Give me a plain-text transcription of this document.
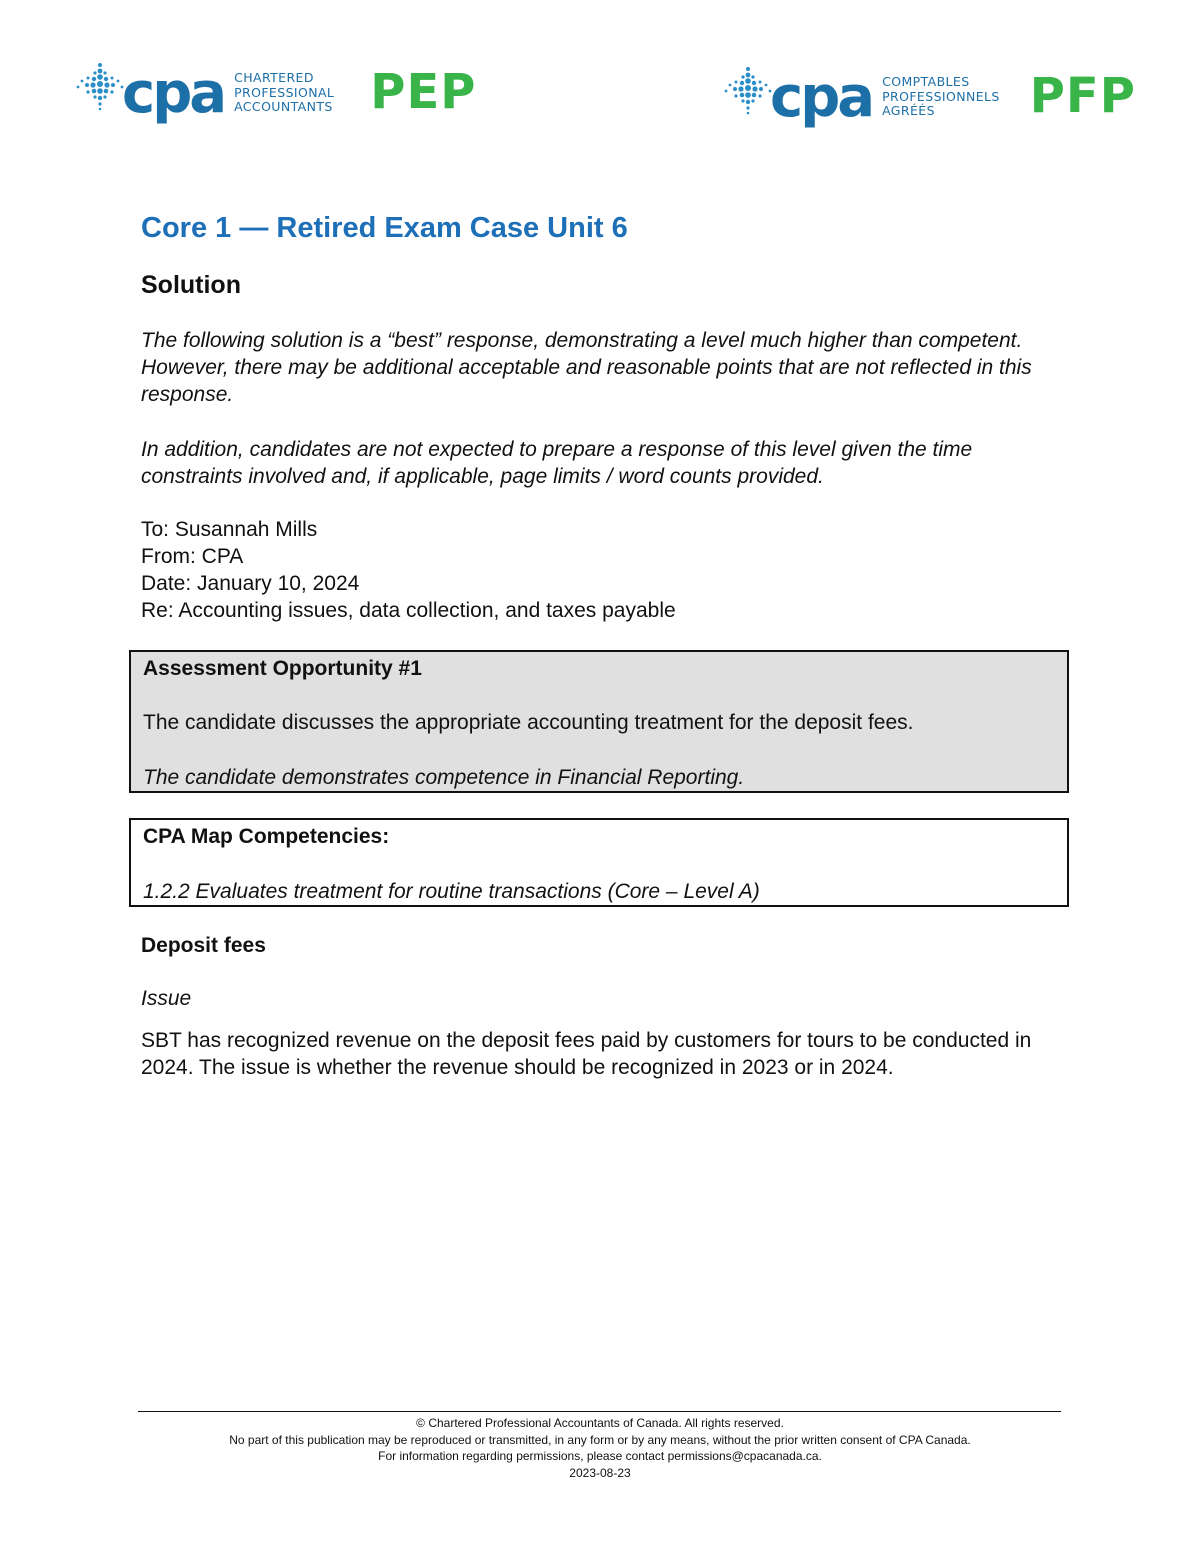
cpa CHARTERED
PROFESSIONAL
ACCOUNTANTS PEP	cpa COMPTABLES
PROFESSIONNELS
AGRÉÉS	PFP
Core 1 — Retired Exam Case Unit 6
Solution

The following solution is a “best” response, demonstrating a level much higher than competent. However, there may be additional acceptable and reasonable points that are not reflected in this response.

In addition, candidates are not expected to prepare a response of this level given the time constraints involved and, if applicable, page limits / word counts provided.

To: Susannah Mills
From: CPA
Date: January 10, 2024
Re: Accounting issues, data collection, and taxes payable
Assessment Opportunity #1
The candidate discusses the appropriate accounting treatment for the deposit fees.
The candidate demonstrates competence in Financial Reporting.
CPA Map Competencies:
1.2.2 Evaluates treatment for routine transactions (Core – Level A)
Deposit fees
Issue

SBT has recognized revenue on the deposit fees paid by customers for tours to be conducted in 2024. The issue is whether the revenue should be recognized in 2023 or in 2024.

© Chartered Professional Accountants of Canada. All rights reserved.
No part of this publication may be reproduced or transmitted, in any form or by any means, without the prior written consent of CPA Canada.
For information regarding permissions, please contact permissions@cpacanada.ca.
2023-08-23
